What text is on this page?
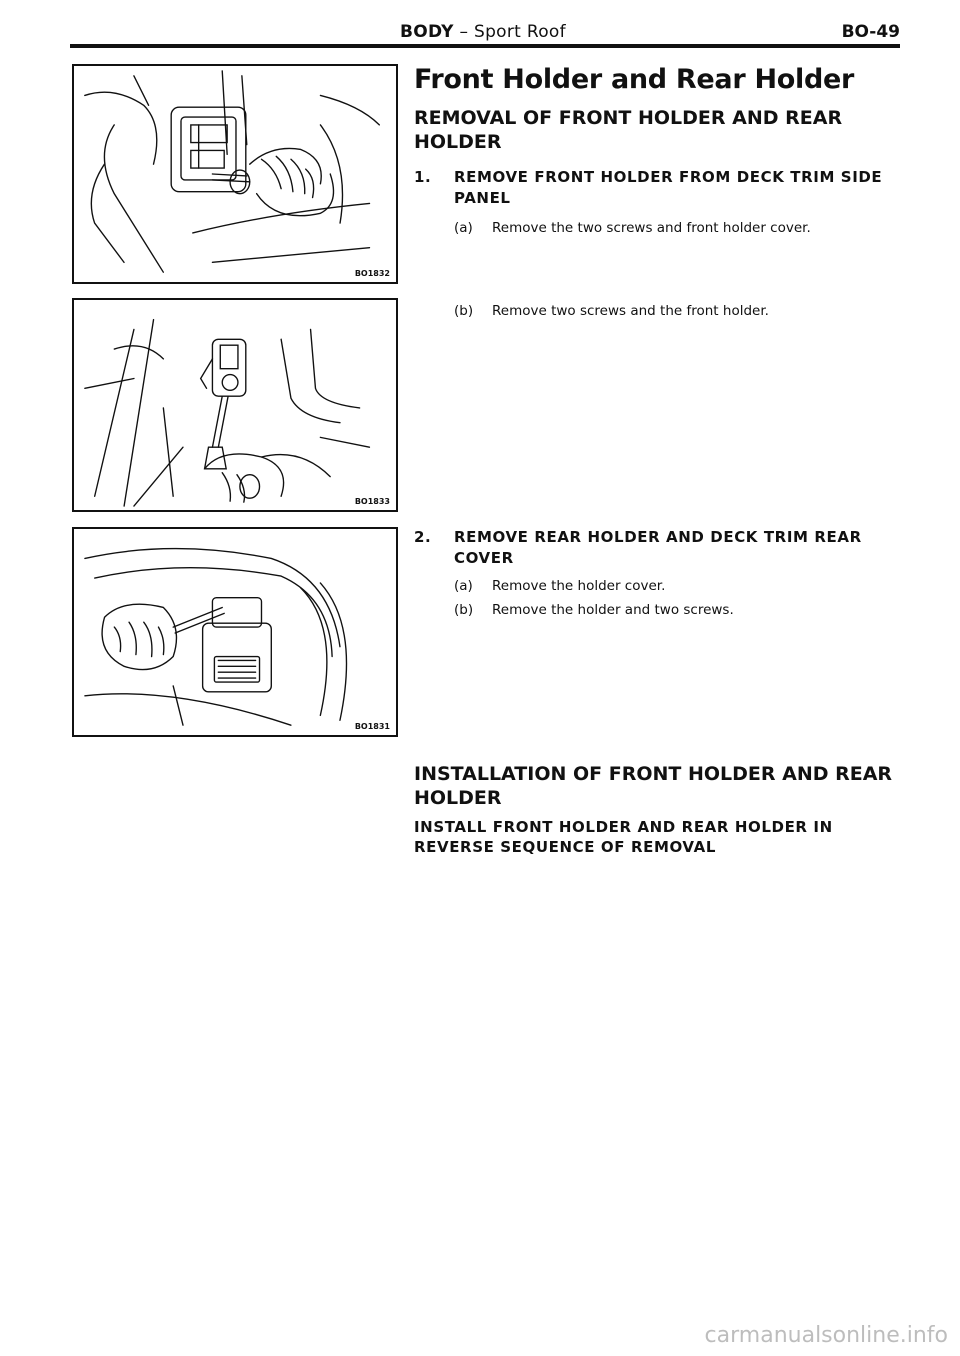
BODY – Sport Roof	BO-49
BO1832
BO1833
BO1831
Front Holder and Rear Holder
REMOVAL OF FRONT HOLDER AND REAR HOLDER
1. REMOVE FRONT HOLDER FROM DECK TRIM SIDE PANEL
(a) Remove the two screws and front holder cover.
(b) Remove two screws and the front holder.
2. REMOVE REAR HOLDER AND DECK TRIM REAR COVER
(a) Remove the holder cover.
(b) Remove the holder and two screws.
INSTALLATION OF FRONT HOLDER AND REAR HOLDER
INSTALL FRONT HOLDER AND REAR HOLDER IN REVERSE SEQUENCE OF REMOVAL
carmanualsonline.info
